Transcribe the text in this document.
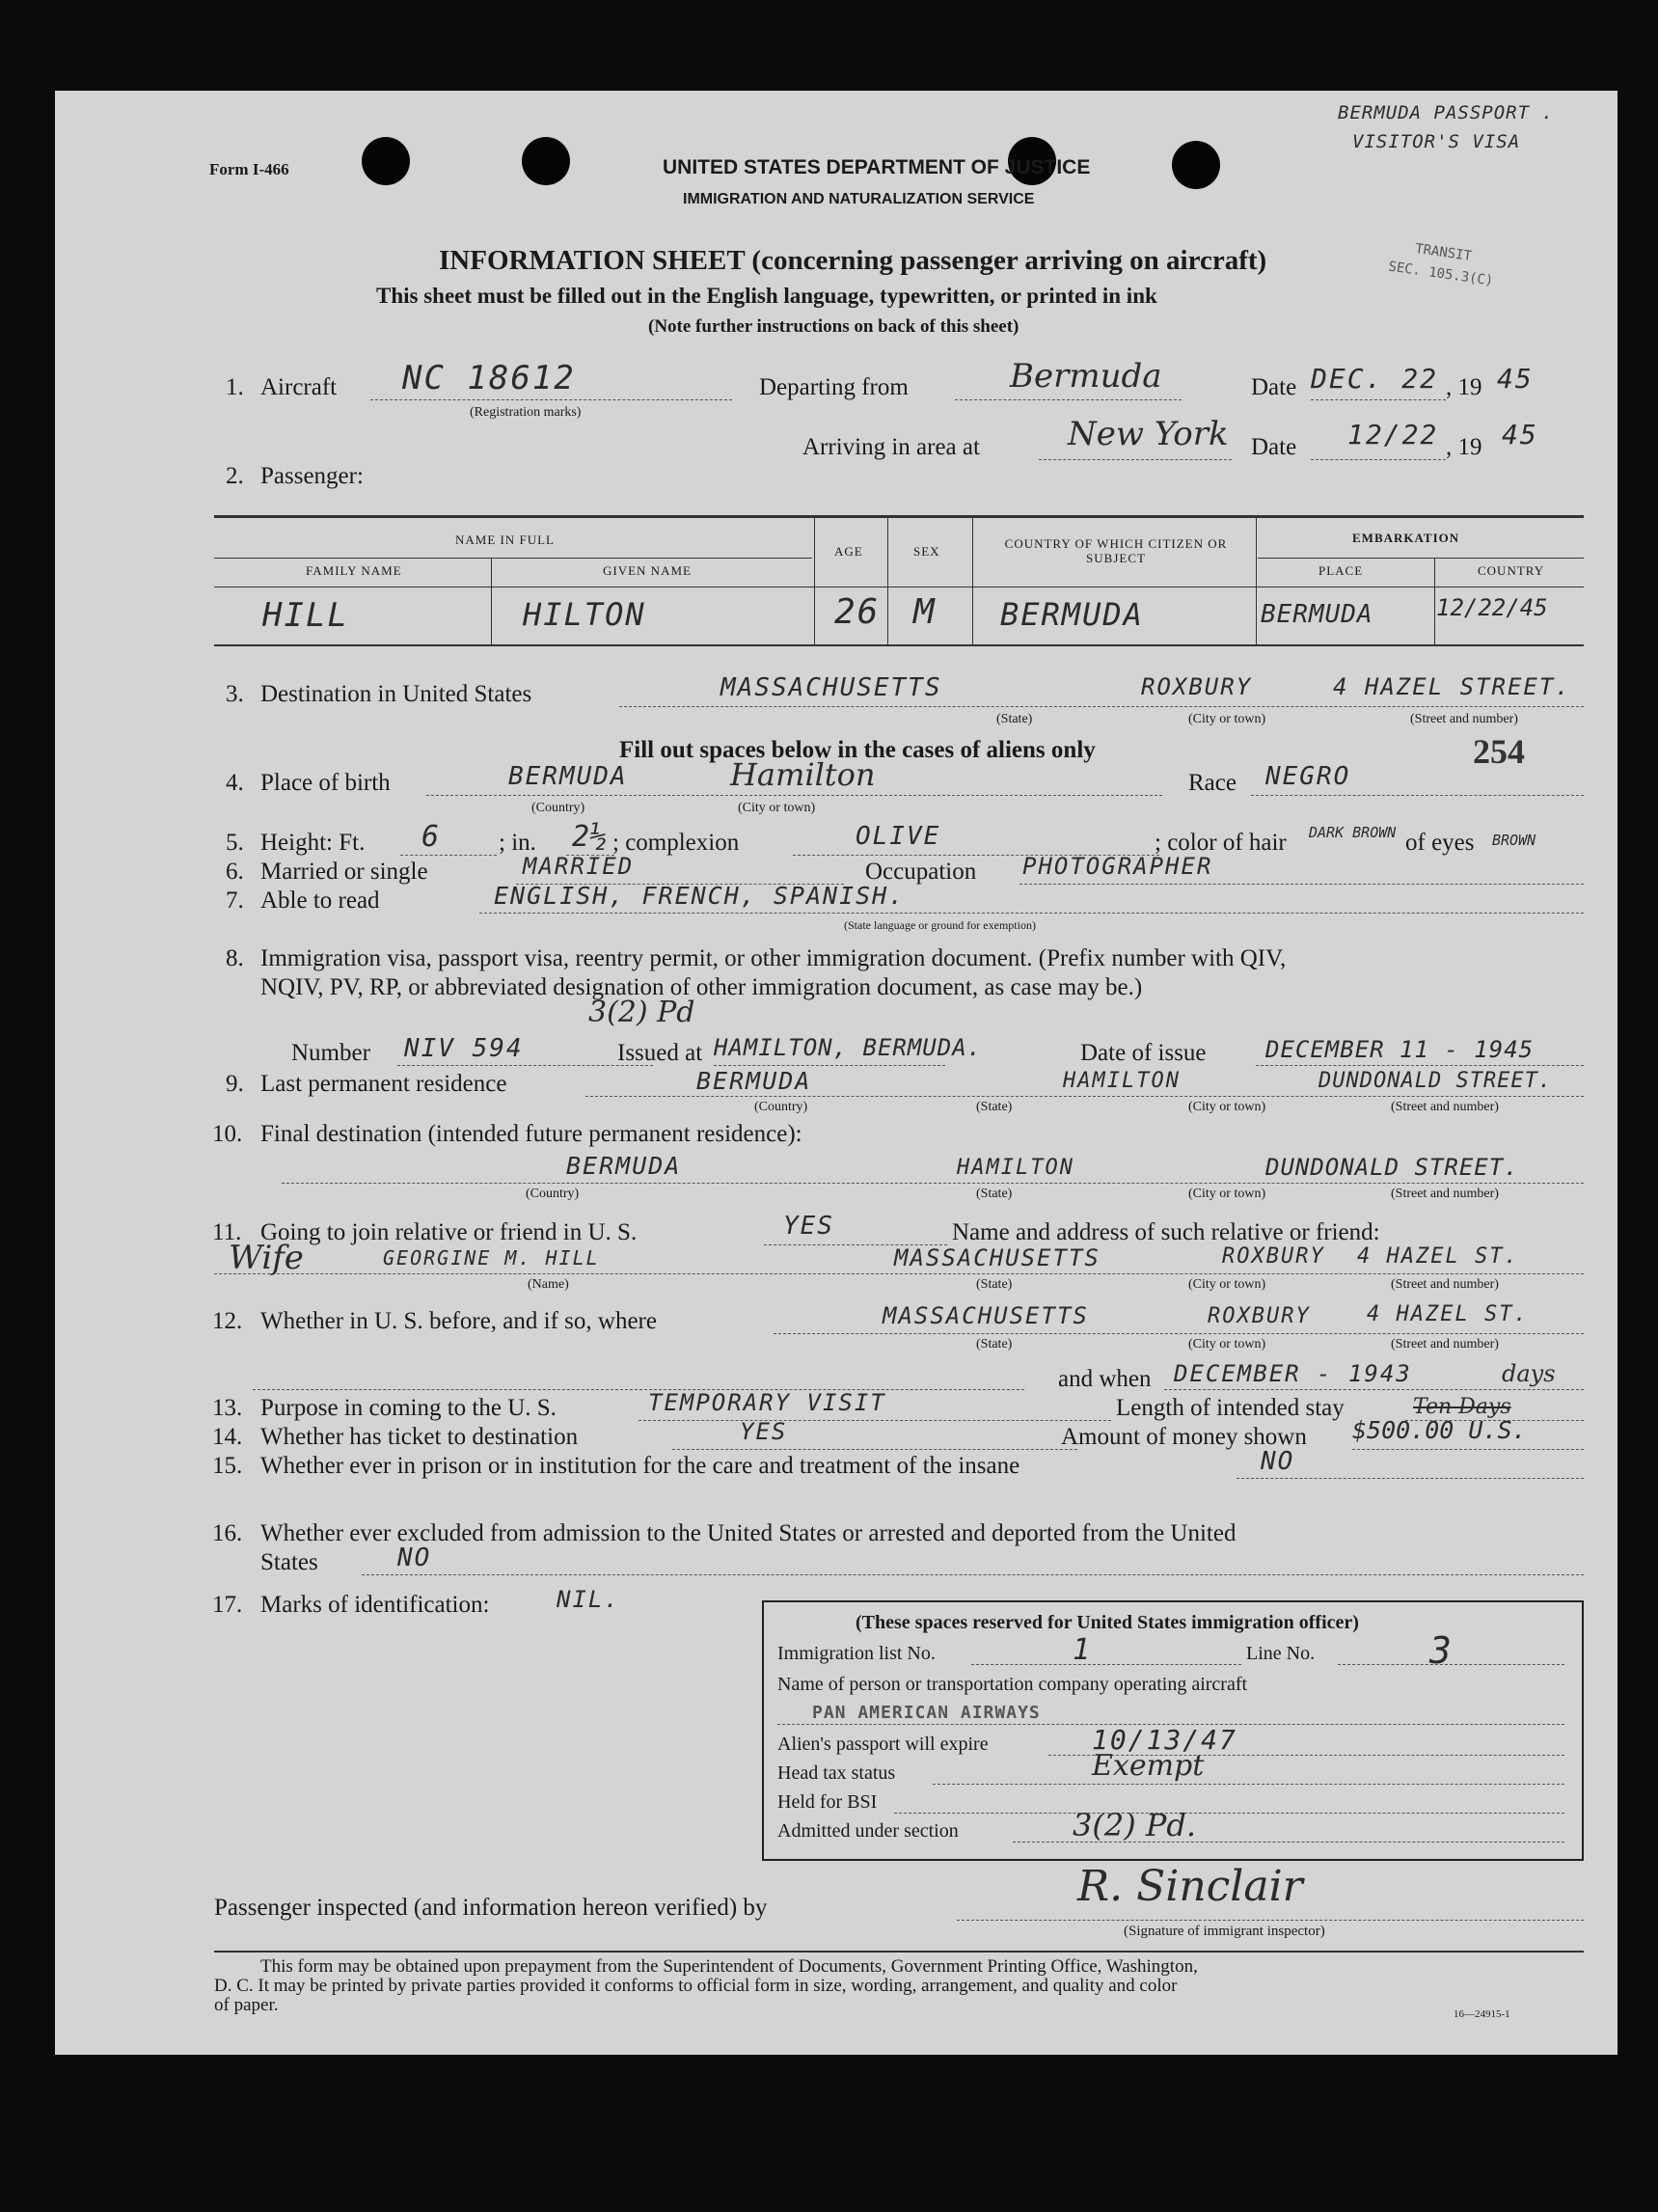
Form I-466
BERMUDA PASSPORT .
VISITOR'S VISA
UNITED STATES DEPARTMENT OF JUSTICE
IMMIGRATION AND NATURALIZATION SERVICE
INFORMATION SHEET (concerning passenger arriving on aircraft)
This sheet must be filled out in the English language, typewritten, or printed in ink
(Note further instructions on back of this sheet)
TRANSIT
SEC. 105.3(C)
1. Aircraft NC 18612
(Registration marks)
Departing from	Bermuda	Date DEC. 22 , 19 45
Arriving in area at	New York Date 12/22 , 19 45
2. Passenger:
NAME IN FULL
FAMILY NAME	GIVEN NAME
AGE	SEX
COUNTRY OF WHICH CITIZEN OR SUBJECT
EMBARKATION
PLACE	COUNTRY
HILL	HILTON	26 M BERMUDA	BERMUDA	12/22/45
3. Destination in United States	MASSACHUSETTS	ROXBURY	4 HAZEL STREET.
(State)	(City or town)	(Street and number)
Fill out spaces below in the cases of aliens only	254
4. Place of birth	BERMUDA	Hamilton
(Country)	(City or town)
Race NEGRO
5. Height: Ft. 6 ; in. 2½ ; complexion	OLIVE	; color of hair DARK BROWN of eyes BROWN
6. Married or single	MARRIED	Occupation PHOTOGRAPHER
7. Able to read	ENGLISH, FRENCH, SPANISH.
(State language or ground for exemption)
8. Immigration visa, passport visa, reentry permit, or other immigration document. (Prefix number with QIV,
NQIV, PV, RP, or abbreviated designation of other immigration document, as case may be.)
3(2) Pd
Number NIV 594	Issued at HAMILTON, BERMUDA.	Date of issue	DECEMBER 11 - 1945
9. Last permanent residence	BERMUDA	HAMILTON	DUNDONALD STREET.
(Country)	(State)	(City or town)	(Street and number)
10. Final destination (intended future permanent residence):
BERMUDA	HAMILTON	DUNDONALD STREET.
(Country)	(State)	(City or town)	(Street and number)
11. Going to join relative or friend in U. S.	YES	Name and address of such relative or friend:
Wife	GEORGINE M. HILL	MASSACHUSETTS	ROXBURY 4 HAZEL ST.
(Name)	(State)	(City or town)	(Street and number)
12. Whether in U. S. before, and if so, where	MASSACHUSETTS	ROXBURY	4 HAZEL ST.
(State)	(City or town)	(Street and number)
and when DECEMBER - 1943	days
13. Purpose in coming to the U. S.	TEMPORARY VISIT	Length of intended stay	Ten Days
14. Whether has ticket to destination	YES	Amount of money shown $500.00 U.S.
15. Whether ever in prison or in institution for the care and treatment of the insane	NO
16. Whether ever excluded from admission to the United States or arrested and deported from the United
States	NO
17. Marks of identification:	NIL.
(These spaces reserved for United States immigration officer)
Immigration list No.	1	Line No.	3
Name of person or transportation company operating aircraft
PAN AMERICAN AIRWAYS
Alien's passport will expire	10/13/47
Head tax status	Exempt
Held for BSI
Admitted under section	3(2) Pd.
Passenger inspected (and information hereon verified) by	R. Sinclair
(Signature of immigrant inspector)
This form may be obtained upon prepayment from the Superintendent of Documents, Government Printing Office, Washington,
D. C. It may be printed by private parties provided it conforms to official form in size, wording, arrangement, and quality and color
of paper.	16—24915-1
